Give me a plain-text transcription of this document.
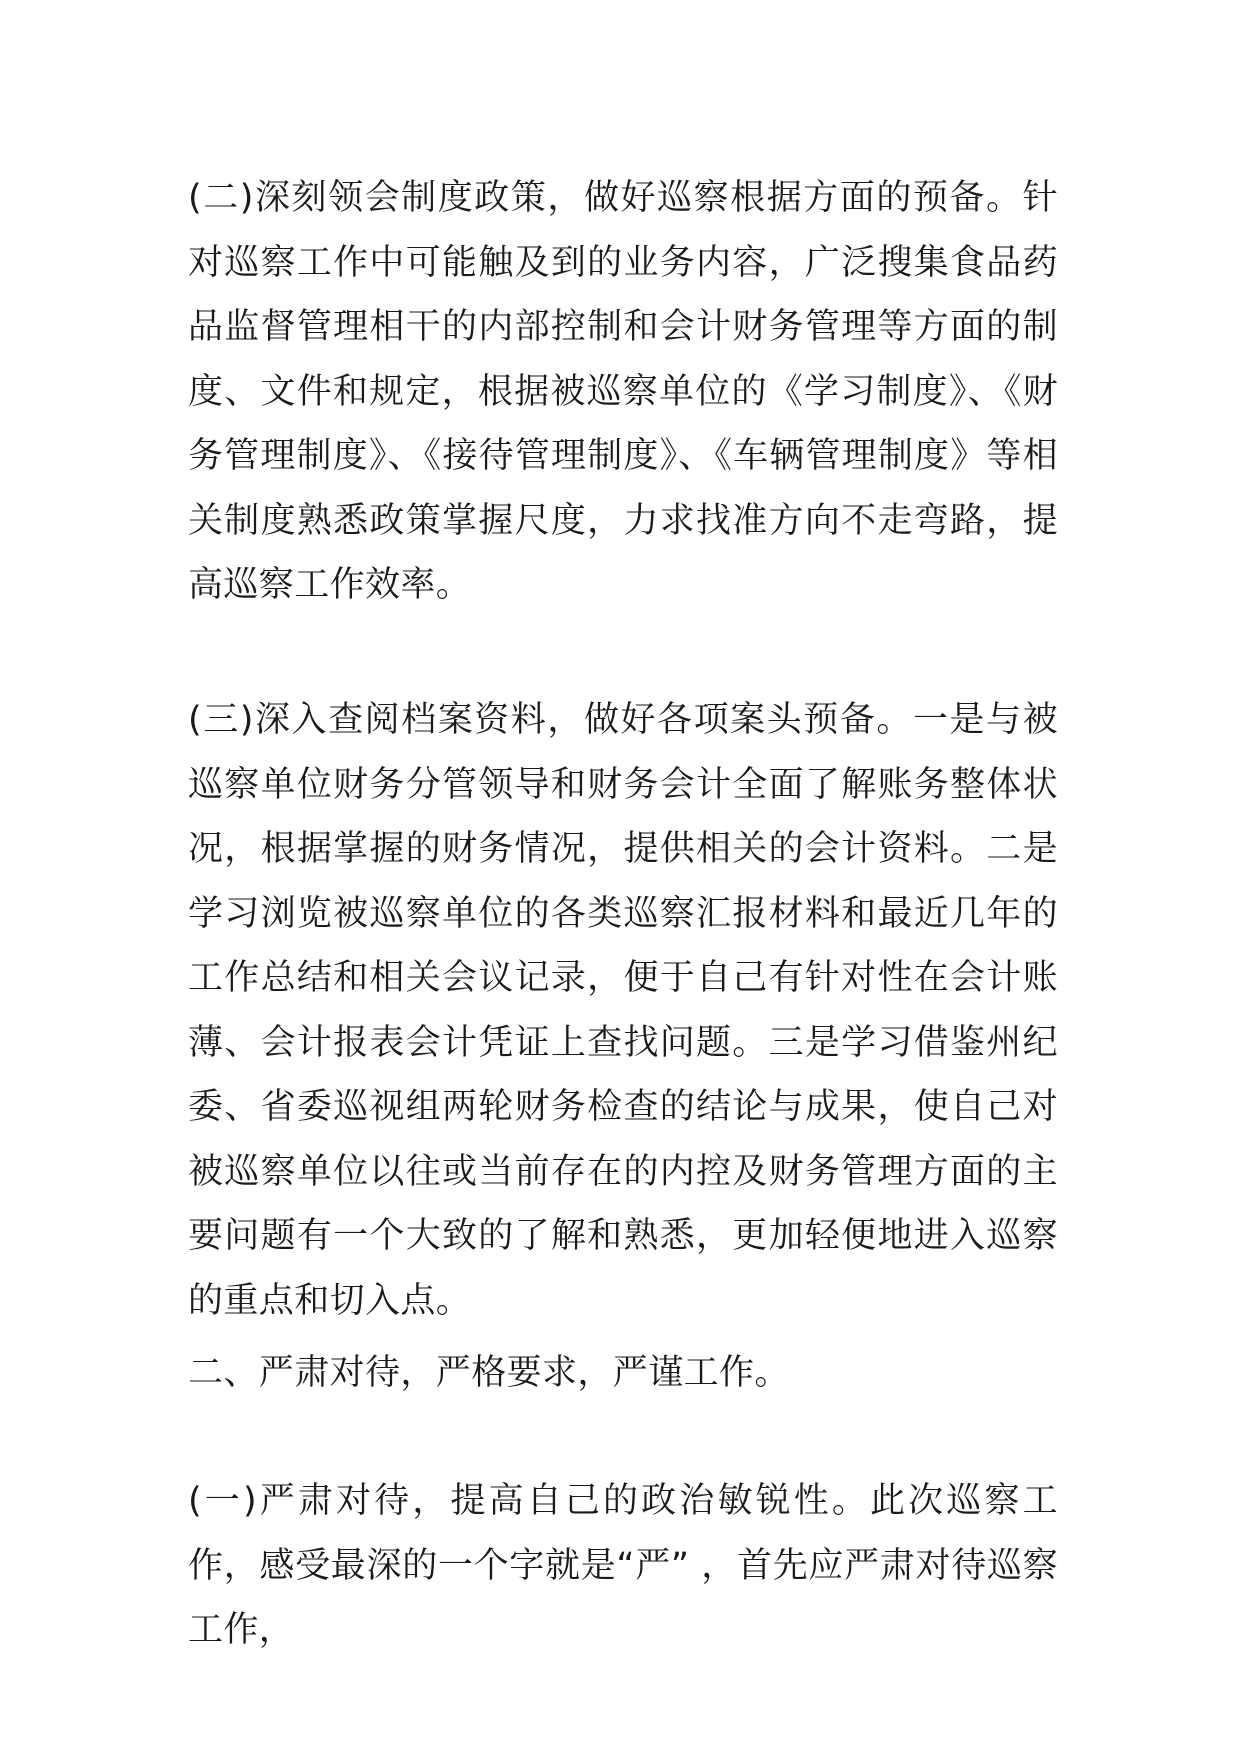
(二)深刻领会制度政策，做好巡察根据方面的预备。针对巡察工作中可能触及到的业务内容，广泛搜集食品药品监督管理相干的内部控制和会计财务管理等方面的制度、文件和规定，根据被巡察单位的《学习制度》、《财务管理制度》、《接待管理制度》、《车辆管理制度》等相关制度熟悉政策掌握尺度，力求找准方向不走弯路，提高巡察工作效率。

(三)深入查阅档案资料，做好各项案头预备。一是与被巡察单位财务分管领导和财务会计全面了解账务整体状况，根据掌握的财务情况，提供相关的会计资料。二是学习浏览被巡察单位的各类巡察汇报材料和最近几年的工作总结和相关会议记录，便于自己有针对性在会计账薄、会计报表会计凭证上查找问题。三是学习借鉴州纪委、省委巡视组两轮财务检查的结论与成果，使自己对被巡察单位以往或当前存在的内控及财务管理方面的主要问题有一个大致的了解和熟悉，更加轻便地进入巡察的重点和切入点。

二、严肃对待，严格要求，严谨工作。

(一)严肃对待，提高自己的政治敏锐性。此次巡察工作，感受最深的一个字就是“严” ，首先应严肃对待巡察工作，
